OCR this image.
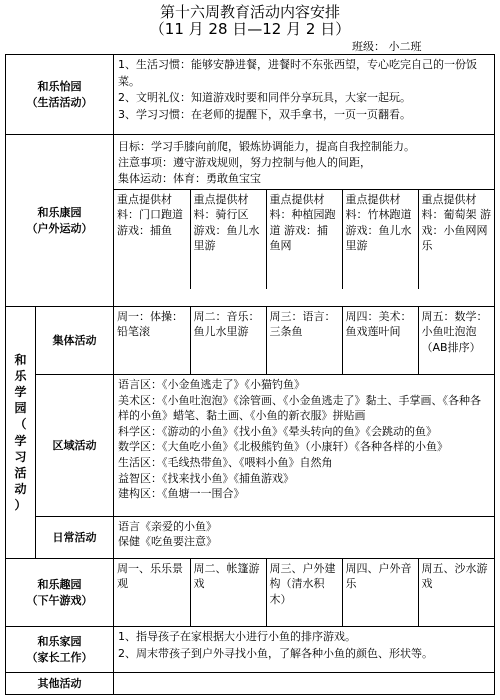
第十六周教育活动内容安排
（11 月 28 日—12 月 2 日）
班级： 小二班
和乐怡园
（生活活动）

1、生活习惯：能够安静进餐，进餐时不东张西望，专心吃完自己的一份饭菜。
2、文明礼仪：知道游戏时要和同伴分享玩具，大家一起玩。
3、学习习惯：在老师的提醒下，双手拿书，一页一页翻看。

和乐康园
（户外运动）

目标：学习手膝向前爬，锻炼协调能力，提高自我控制能力。
注意事项：遵守游戏规则，努力控制与他人的间距，
集体运动：体育：勇敢鱼宝宝
重点提供材料：门口跑道 游戏：捕鱼	重点提供材料：骑行区 游戏：鱼儿水里游	重点提供材料：种植园跑道 游戏：捕鱼网	重点提供材料：竹林跑道 游戏：鱼儿水里游	重点提供材料：葡萄架 游戏：小鱼网网乐

和
乐
学
园
（
学
习
活
动
）
	集体活动	
周一：体操：铅笔滚	周二：音乐：鱼儿水里游	周三：语言：三条鱼	周四：美术：鱼戏莲叶间	周五：数学：小鱼吐泡泡（AB排序）

区域活动	
语言区：《小金鱼逃走了》《小猫钓鱼》
美术区：《小鱼吐泡泡》《涂管画、《小金鱼逃走了》黏土、手掌画、《各种各样的小鱼》蜡笔、黏土画、《小鱼的新衣服》拼贴画
科学区：《游动的小鱼》《找小鱼》《晕头转向的鱼》《会跳动的鱼》
数学区：《大鱼吃小鱼》《北极熊钓鱼》（小康轩）《各种各样的小鱼》
生活区：《毛线热带鱼》、《喂料小鱼》自然角
益智区：《找来找小鱼》《捕鱼游戏》
建构区：《鱼塘一一围合》

日常活动	
语言《亲爱的小鱼》
保健《吃鱼要注意》

和乐趣园
（下午游戏）

周一、乐乐景观	周二、帐篷游戏	周三、户外建构（清水积木）	周四、户外音乐	周五、沙水游戏

和乐家园
（家长工作）

1、指导孩子在家根据大小进行小鱼的排序游戏。
2、周末带孩子到户外寻找小鱼，了解各种小鱼的颜色、形状等。

其他活动	
